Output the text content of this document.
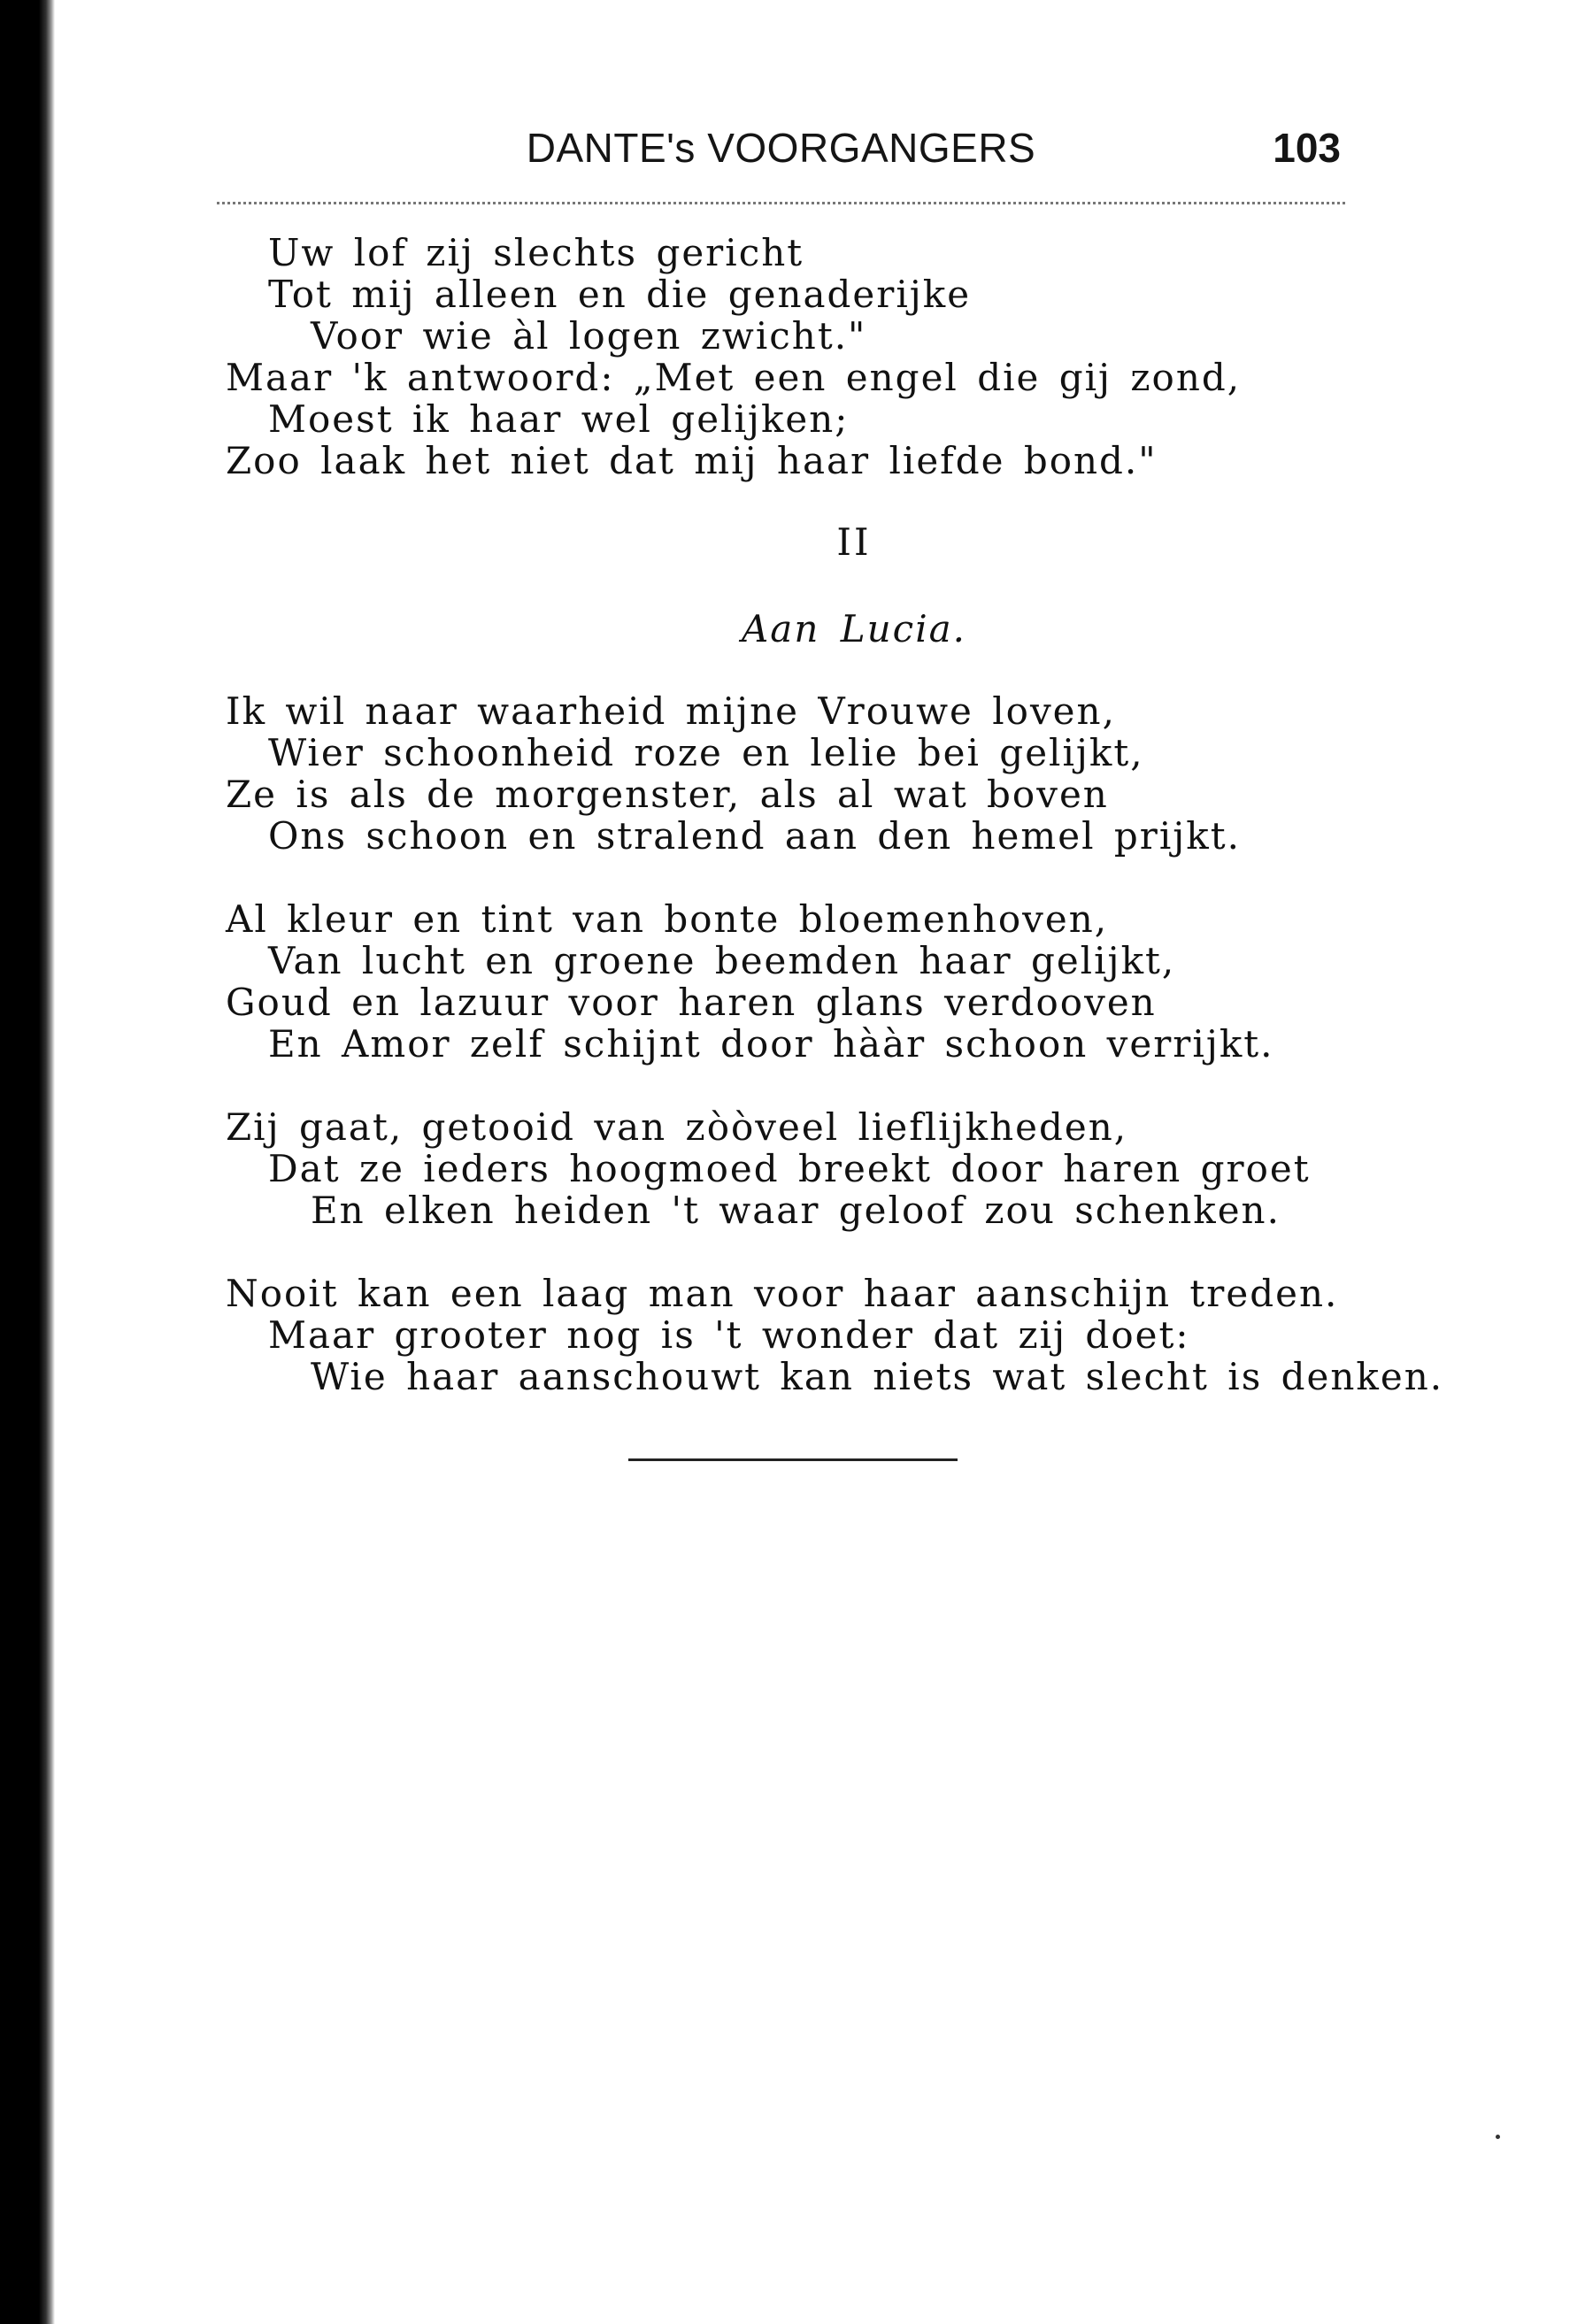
DANTE's VOORGANGERS	103
Uw lof zij slechts gericht
Tot mij alleen en die genaderijke
Voor wie àl logen zwicht."
Maar 'k antwoord: „Met een engel die gij zond,
Moest ik haar wel gelijken;
Zoo laak het niet dat mij haar liefde bond."
II
Aan Lucia.
Ik wil naar waarheid mijne Vrouwe loven,
Wier schoonheid roze en lelie bei gelijkt,
Ze is als de morgenster, als al wat boven
Ons schoon en stralend aan den hemel prijkt.
Al kleur en tint van bonte bloemenhoven,
Van lucht en groene beemden haar gelijkt,
Goud en lazuur voor haren glans verdooven
En Amor zelf schijnt door hààr schoon verrijkt.
Zij gaat, getooid van zòòveel lieflijkheden,
Dat ze ieders hoogmoed breekt door haren groet
En elken heiden 't waar geloof zou schenken.
Nooit kan een laag man voor haar aanschijn treden.
Maar grooter nog is 't wonder dat zij doet:
Wie haar aanschouwt kan niets wat slecht is denken.
